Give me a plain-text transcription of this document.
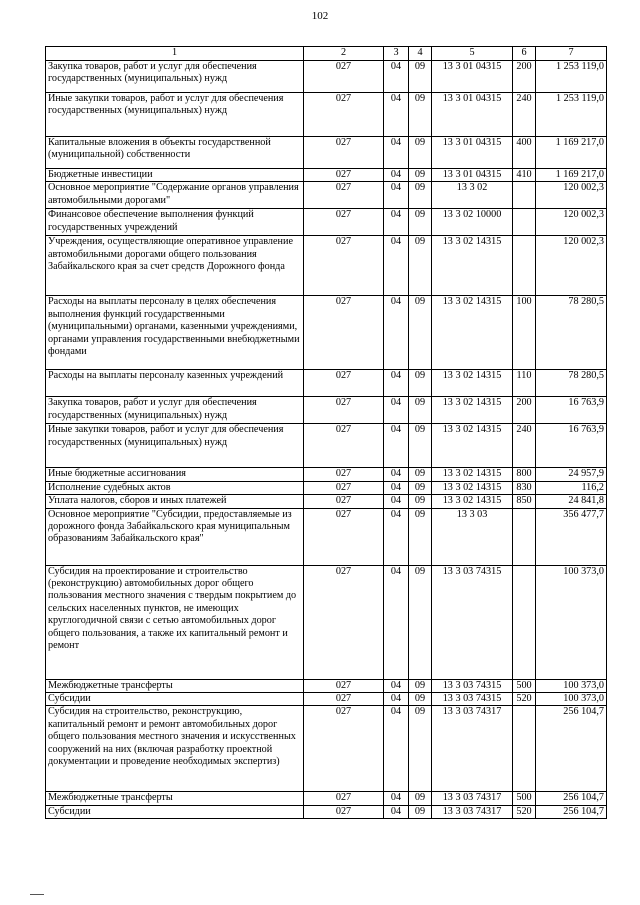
102
1	2	3	4	5	6	7
Закупка товаров, работ и услуг для обеспечения государственных (муниципальных) нужд	027	04	09	13 3 01 04315	200	1 253 119,0
Иные закупки товаров, работ и услуг для обеспечения государственных (муниципальных) нужд	027	04	09	13 3 01 04315	240	1 253 119,0
Капитальные вложения в объекты государственной (муниципальной) собственности	027	04	09	13 3 01 04315	400	1 169 217,0
Бюджетные инвестиции	027	04	09	13 3 01 04315	410	1 169 217,0
Основное мероприятие "Содержание органов управления автомобильными дорогами"	027	04	09	13 3 02		120 002,3
Финансовое обеспечение выполнения функций государственных учреждений	027	04	09	13 3 02 10000		120 002,3
Учреждения, осуществляющие оперативное управление автомобильными дорогами общего пользования Забайкальского края за счет средств Дорожного фонда	027	04	09	13 3 02 14315		120 002,3
Расходы на выплаты персоналу в целях обеспечения выполнения функций государственными (муниципальными) органами, казенными учреждениями, органами управления государственными внебюджетными фондами	027	04	09	13 3 02 14315	100	78 280,5
Расходы на выплаты персоналу казенных учреждений	027	04	09	13 3 02 14315	110	78 280,5
Закупка товаров, работ и услуг для обеспечения государственных (муниципальных) нужд	027	04	09	13 3 02 14315	200	16 763,9
Иные закупки товаров, работ и услуг для обеспечения государственных (муниципальных) нужд	027	04	09	13 3 02 14315	240	16 763,9
Иные бюджетные ассигнования	027	04	09	13 3 02 14315	800	24 957,9
Исполнение судебных актов	027	04	09	13 3 02 14315	830	116,2
Уплата налогов, сборов и иных платежей	027	04	09	13 3 02 14315	850	24 841,8
Основное мероприятие "Субсидии, предоставляемые из дорожного фонда Забайкальского края муниципальным образованиям Забайкальского края"	027	04	09	13 3 03		356 477,7
Субсидия на проектирование и строительство (реконструкцию) автомобильных дорог общего пользования местного значения с твердым покрытием до сельских населенных пунктов, не имеющих круглогодичной связи с сетью автомобильных дорог общего пользования, а также их капитальный ремонт и ремонт	027	04	09	13 3 03 74315		100 373,0
Межбюджетные трансферты	027	04	09	13 3 03 74315	500	100 373,0
Субсидии	027	04	09	13 3 03 74315	520	100 373,0
Субсидия на строительство, реконструкцию, капитальный ремонт и ремонт автомобильных дорог общего пользования местного значения и искусственных сооружений на них (включая разработку проектной документации и проведение необходимых экспертиз)	027	04	09	13 3 03 74317		256 104,7
Межбюджетные трансферты	027	04	09	13 3 03 74317	500	256 104,7
Субсидии	027	04	09	13 3 03 74317	520	256 104,7
